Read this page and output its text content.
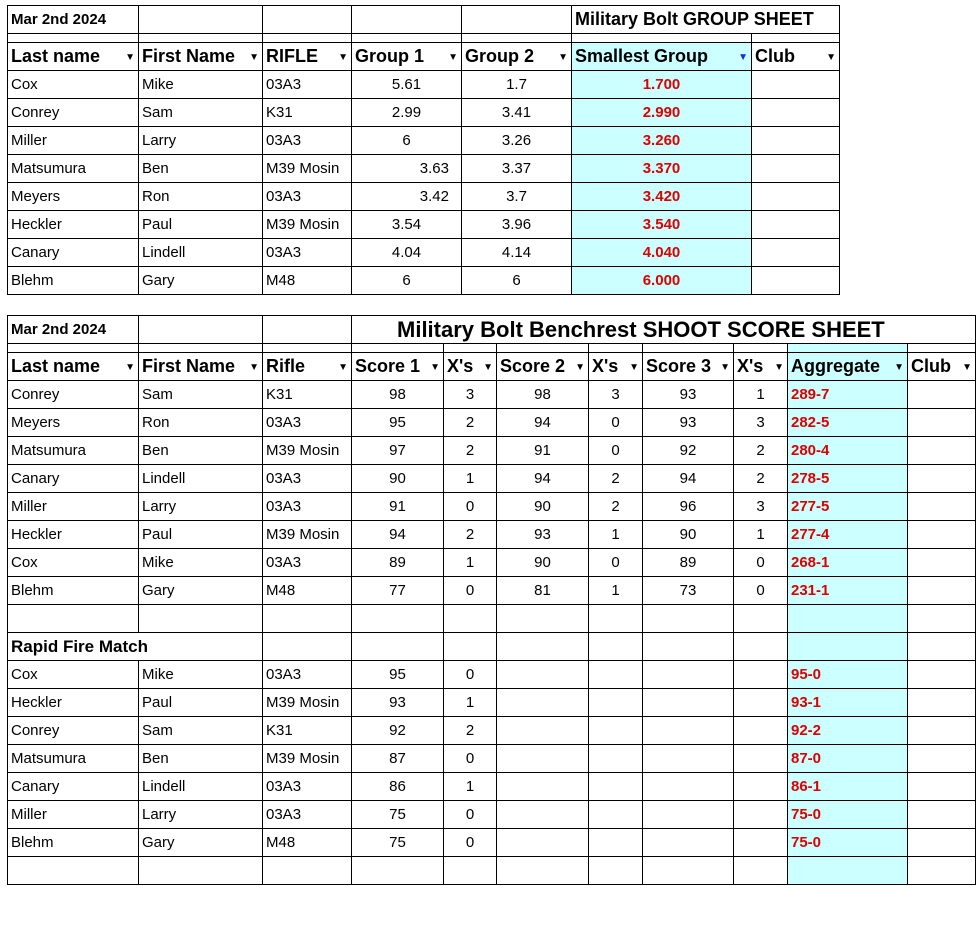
Mar 2nd 2024					Military Bolt GROUP SHEET	

Last name ▼	First Name ▼	RIFLE ▼	Group 1 ▼	Group 2 ▼	Smallest Group ▼	Club ▼

Cox	Mike	03A3	5.61	1.7	1.700	
Conrey	Sam	K31	2.99	3.41	2.990	
Miller	Larry	03A3	6	3.26	3.260	
Matsumura	Ben	M39 Mosin	3.63	3.37	3.370	
Meyers	Ron	03A3	3.42	3.7	3.420	
Heckler	Paul	M39 Mosin	3.54	3.96	3.540	
Canary	Lindell	03A3	4.04	4.14	4.040	
Blehm	Gary	M48	6	6	6.000	
Mar 2nd 2024			Military Bolt Benchrest SHOOT SCORE SHEET							

Last name ▼	First Name ▼	Rifle ▼	Score 1 ▼	X's ▼	Score 2 ▼	X's ▼	Score 3 ▼	X's ▼	Aggregate ▼	Club ▼

Conrey	Sam	K31	98	3	98	3	93	1	289-7	
Meyers	Ron	03A3	95	2	94	0	93	3	282-5	
Matsumura	Ben	M39 Mosin	97	2	91	0	92	2	280-4	
Canary	Lindell	03A3	90	1	94	2	94	2	278-5	
Miller	Larry	03A3	91	0	90	2	96	3	277-5	
Heckler	Paul	M39 Mosin	94	2	93	1	90	1	277-4	
Cox	Mike	03A3	89	1	90	0	89	0	268-1	
Blehm	Gary	M48	77	0	81	1	73	0	231-1	

Rapid Fire Match										
Cox	Mike	03A3	95	0					95-0	
Heckler	Paul	M39 Mosin	93	1					93-1	
Conrey	Sam	K31	92	2					92-2	
Matsumura	Ben	M39 Mosin	87	0					87-0	
Canary	Lindell	03A3	86	1					86-1	
Miller	Larry	03A3	75	0					75-0	
Blehm	Gary	M48	75	0					75-0	
